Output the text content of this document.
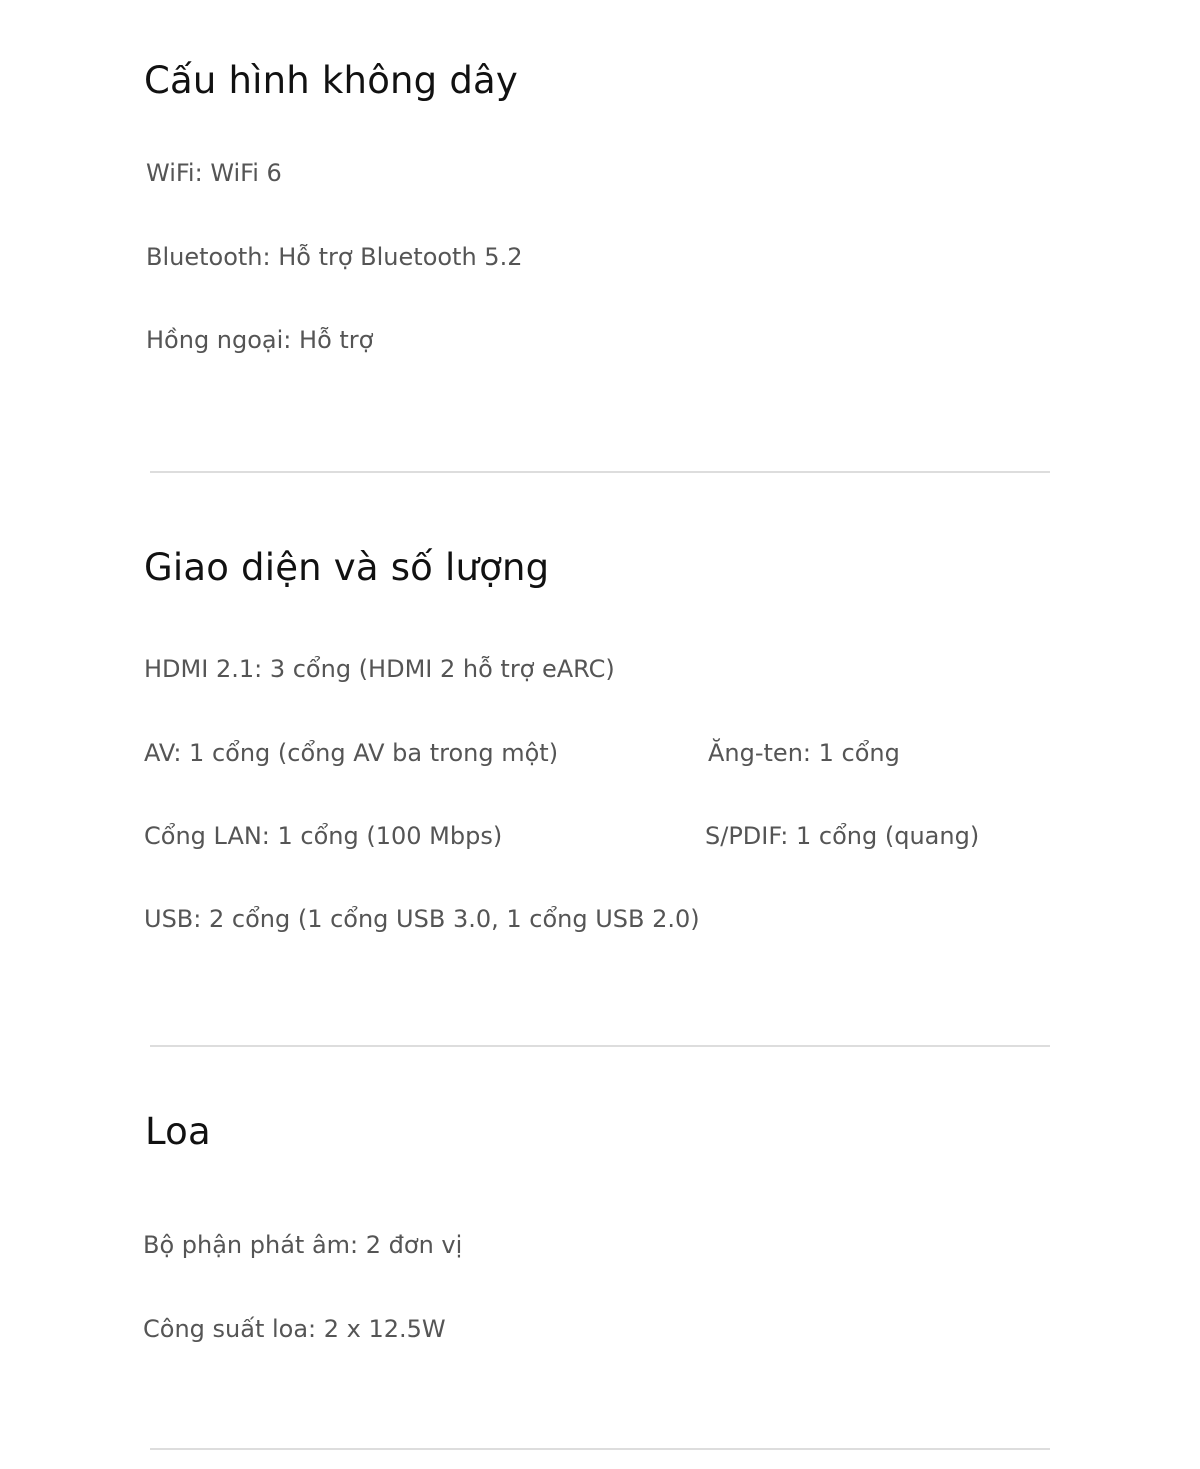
Cấu hình không dây
WiFi: WiFi 6
Bluetooth: Hỗ trợ Bluetooth 5.2
Hồng ngoại: Hỗ trợ
Giao diện và số lượng
HDMI 2.1: 3 cổng (HDMI 2 hỗ trợ eARC)
AV: 1 cổng (cổng AV ba trong một)	Ăng-ten: 1 cổng
Cổng LAN: 1 cổng (100 Mbps)	S/PDIF: 1 cổng (quang)
USB: 2 cổng (1 cổng USB 3.0, 1 cổng USB 2.0)
Loa
Bộ phận phát âm: 2 đơn vị
Công suất loa: 2 x 12.5W
